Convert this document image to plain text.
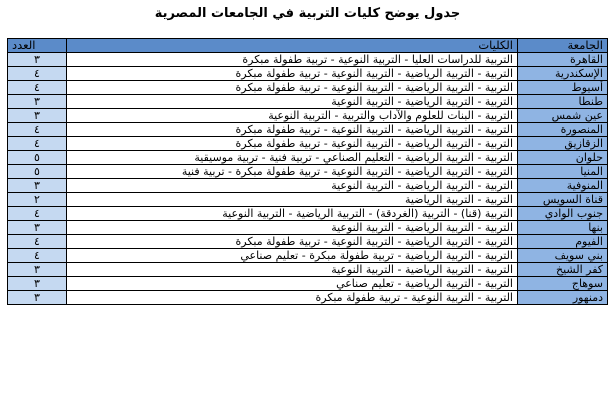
جدول يوضح كليات التربية في الجامعات المصرية
الجامعة	الكليات	العدد
القاهرة	التربية للدراسات العليا - التربية النوعية - تربية طفولة مبكرة	٣
الإسكندرية	التربية - التربية الرياضية - التربية النوعية - تربية طفولة مبكرة	٤
أسيوط	التربية - التربية الرياضية - التربية النوعية - تربية طفولة مبكرة	٤
طنطا	التربية - التربية الرياضية - التربية النوعية	٣
عين شمس	التربية - البنات للعلوم والآداب والتربية - التربية النوعية	٣
المنصورة	التربية - التربية الرياضية - التربية النوعية - تربية طفولة مبكرة	٤
الزقازيق	التربية - التربية الرياضية - التربية النوعية - تربية طفولة مبكرة	٤
حلوان	التربية - التربية الرياضية - التعليم الصناعي - تربية فنية - تربية موسيقية	٥
المنيا	التربية - التربية الرياضية - التربية النوعية - تربية طفولة مبكرة - تربية فنية	٥
المنوفية	التربية - التربية الرياضية - التربية النوعية	٣
قناة السويس	التربية - التربية الرياضية	٢
جنوب الوادي	التربية (قنا) - التربية (الغردقة) - التربية الرياضية - التربية النوعية	٤
بنها	التربية - التربية الرياضية - التربية النوعية	٣
الفيوم	التربية - التربية الرياضية - التربية النوعية - تربية طفولة مبكرة	٤
بني سويف	التربية - التربية الرياضية - تربية طفولة مبكرة - تعليم صناعي	٤
كفر الشيخ	التربية - التربية الرياضية - التربية النوعية	٣
سوهاج	التربية - التربية الرياضية - تعليم صناعي	٣
دمنهور	التربية - التربية النوعية - تربية طفولة مبكرة	٣
